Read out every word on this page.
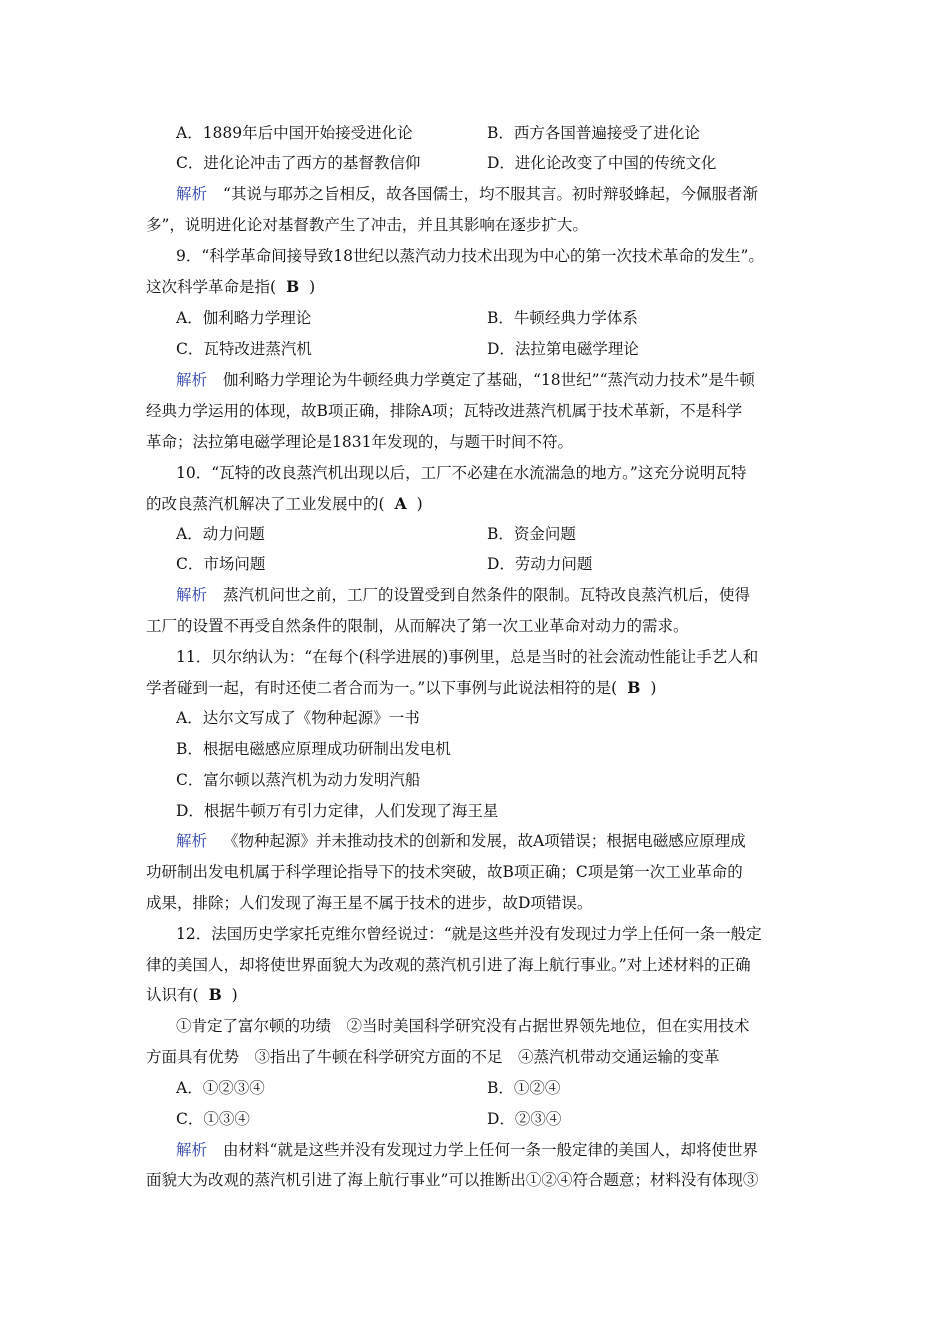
A．1889年后中国开始接受进化论	B．西方各国普遍接受了进化论
C．进化论冲击了西方的基督教信仰	D．进化论改变了中国的传统文化
解析 “其说与耶苏之旨相反，故各国儒士，均不服其言。初时辩驳蜂起，今佩服者渐
多”，说明进化论对基督教产生了冲击，并且其影响在逐步扩大。
9．“科学革命间接导致18世纪以蒸汽动力技术出现为中心的第一次技术革命的发生”。
这次科学革命是指( B )
A．伽利略力学理论	B．牛顿经典力学体系
C．瓦特改进蒸汽机	D．法拉第电磁学理论
解析 伽利略力学理论为牛顿经典力学奠定了基础，“18世纪”“蒸汽动力技术”是牛顿
经典力学运用的体现，故B项正确，排除A项；瓦特改进蒸汽机属于技术革新，不是科学
革命；法拉第电磁学理论是1831年发现的，与题干时间不符。
10．“瓦特的改良蒸汽机出现以后，工厂不必建在水流湍急的地方。”这充分说明瓦特
的改良蒸汽机解决了工业发展中的( A )
A．动力问题	B．资金问题
C．市场问题	D．劳动力问题
解析 蒸汽机问世之前，工厂的设置受到自然条件的限制。瓦特改良蒸汽机后，使得
工厂的设置不再受自然条件的限制，从而解决了第一次工业革命对动力的需求。
11．贝尔纳认为：“在每个(科学进展的)事例里，总是当时的社会流动性能让手艺人和
学者碰到一起，有时还使二者合而为一。”以下事例与此说法相符的是( B )
A．达尔文写成了《物种起源》一书
B．根据电磁感应原理成功研制出发电机
C．富尔顿以蒸汽机为动力发明汽船
D．根据牛顿万有引力定律，人们发现了海王星
解析 《物种起源》并未推动技术的创新和发展，故A项错误；根据电磁感应原理成
功研制出发电机属于科学理论指导下的技术突破，故B项正确；C项是第一次工业革命的
成果，排除；人们发现了海王星不属于技术的进步，故D项错误。
12．法国历史学家托克维尔曾经说过：“就是这些并没有发现过力学上任何一条一般定
律的美国人，却将使世界面貌大为改观的蒸汽机引进了海上航行事业。”对上述材料的正确
认识有( B )
①肯定了富尔顿的功绩　②当时美国科学研究没有占据世界领先地位，但在实用技术
方面具有优势　③指出了牛顿在科学研究方面的不足　④蒸汽机带动交通运输的变革
A．①②③④	B．①②④
C．①③④	D．②③④
解析 由材料“就是这些并没有发现过力学上任何一条一般定律的美国人，却将使世界
面貌大为改观的蒸汽机引进了海上航行事业”可以推断出①②④符合题意；材料没有体现③
